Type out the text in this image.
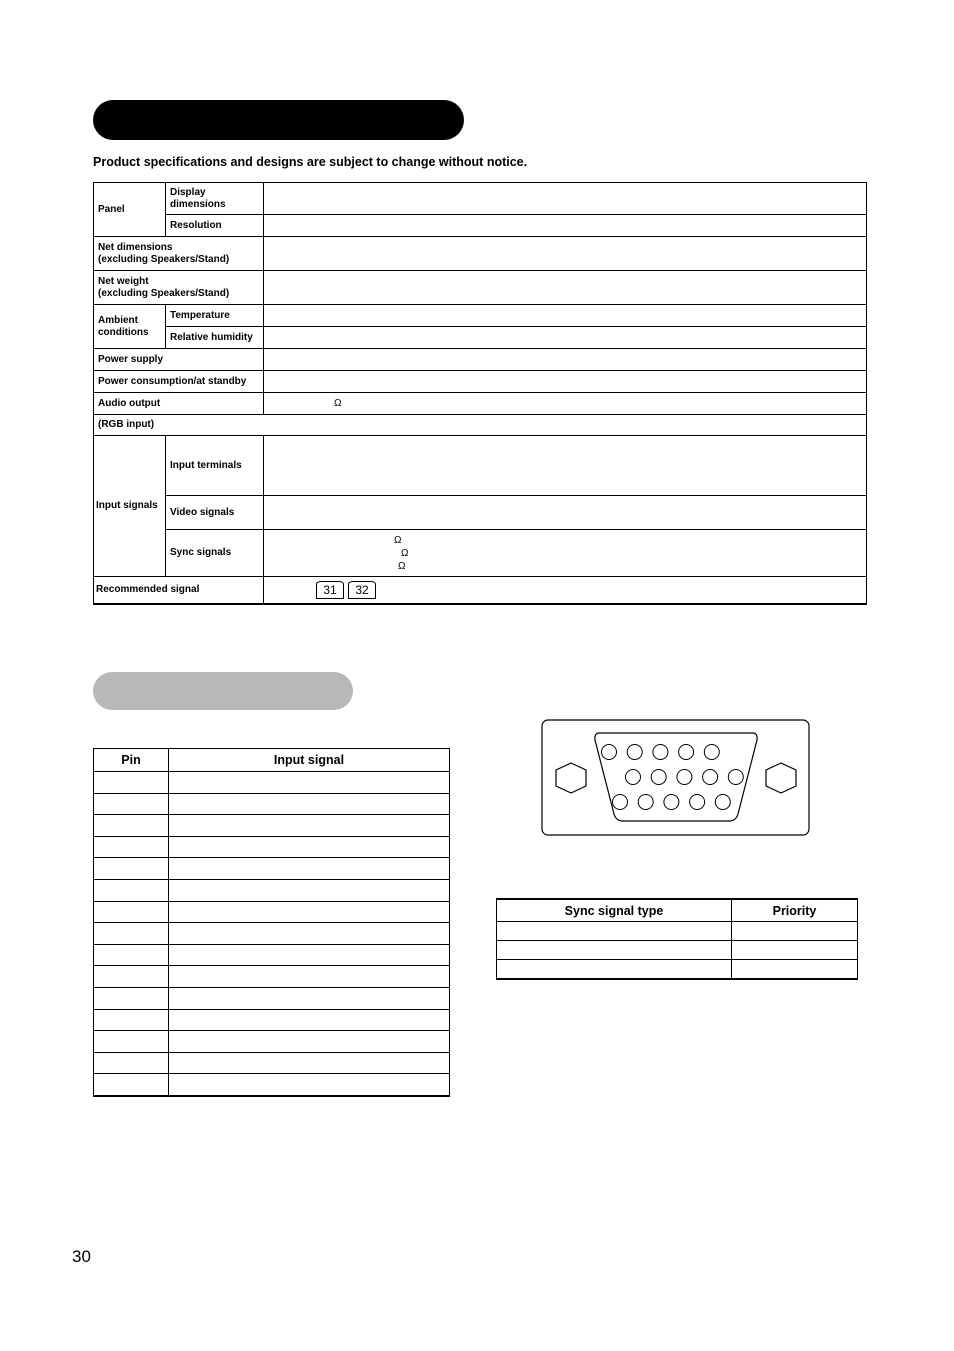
Product specifications and designs are subject to change without notice.
Panel	Display dimensions	
	Resolution	
Net dimensions
(excluding Speakers/Stand)		
Net weight
(excluding Speakers/Stand)		
Ambient
conditions	Temperature	
	Relative humidity	
Power supply		
Power consumption/at standby		
Audio output		Ω
(RGB input)		
Input signals	Input terminals	
	Video signals	
	Sync signals	Ω
Ω
Ω

Recommended signal		31 32
Pin	Input signal

Sync signal type	Priority

30
